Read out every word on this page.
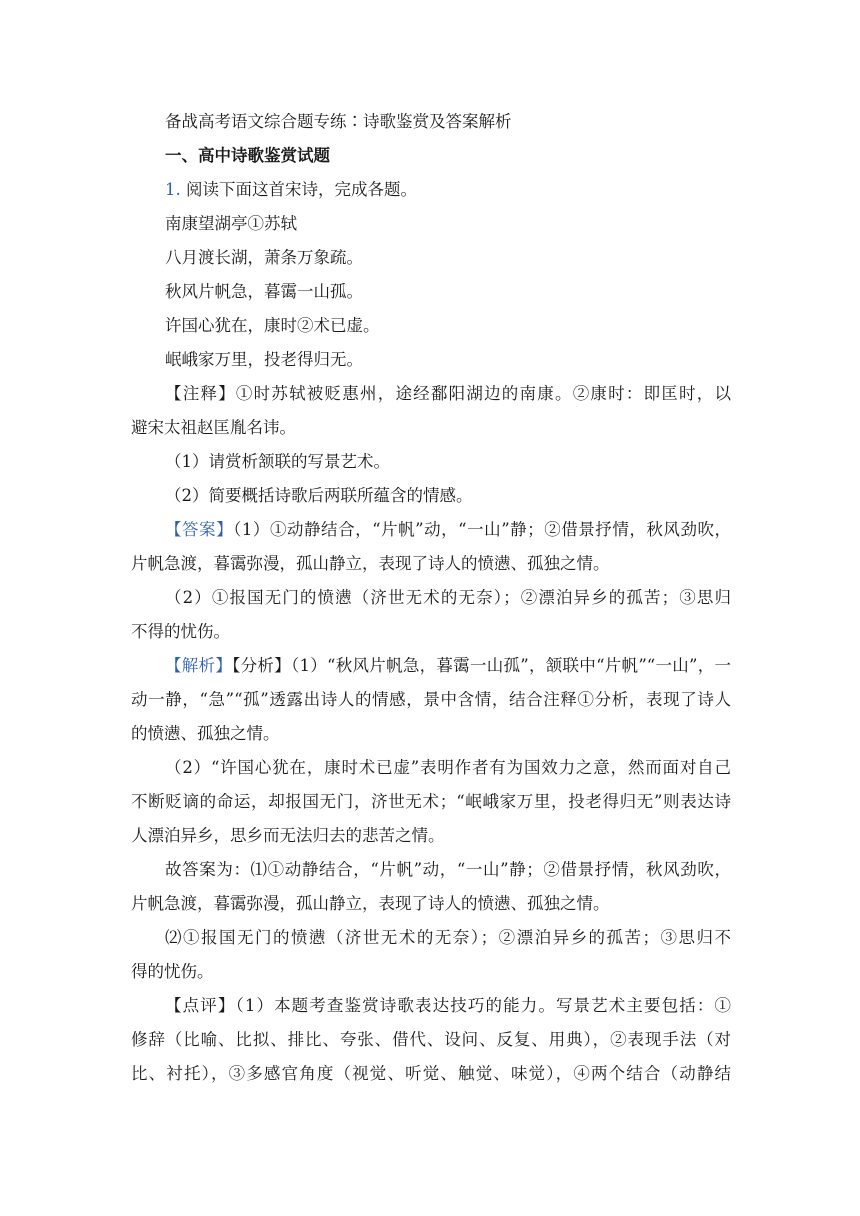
备战高考语文综合题专练∶诗歌鉴赏及答案解析
一、高中诗歌鉴赏试题
1. 阅读下面这首宋诗，完成各题。
南康望湖亭①苏轼
八月渡长湖，萧条万象疏。
秋风片帆急，暮霭一山孤。
许国心犹在，康时②术已虚。
岷峨家万里，投老得归无。
【注释】①时苏轼被贬惠州，途经鄱阳湖边的南康。②康时：即匡时，以
避宋太祖赵匡胤名讳。
（1）请赏析颔联的写景艺术。
（2）简要概括诗歌后两联所蕴含的情感。
【答案】（1）①动静结合，“片帆”动，“一山”静；②借景抒情，秋风劲吹，
片帆急渡，暮霭弥漫，孤山静立，表现了诗人的愤懑、孤独之情。
（2）①报国无门的愤懑（济世无术的无奈）；②漂泊异乡的孤苦；③思归
不得的忧伤。
【解析】【分析】（1）“秋风片帆急，暮霭一山孤”，颔联中“片帆”“一山”，一
动一静，“急”“孤”透露出诗人的情感，景中含情，结合注释①分析，表现了诗人
的愤懑、孤独之情。
（2）“许国心犹在，康时术已虚”表明作者有为国效力之意，然而面对自己
不断贬谪的命运，却报国无门，济世无术；“岷峨家万里，投老得归无”则表达诗
人漂泊异乡，思乡而无法归去的悲苦之情。
故答案为：⑴①动静结合，“片帆”动，“一山”静；②借景抒情，秋风劲吹，
片帆急渡，暮霭弥漫，孤山静立，表现了诗人的愤懑、孤独之情。
⑵①报国无门的愤懑（济世无术的无奈）；②漂泊异乡的孤苦；③思归不
得的忧伤。
【点评】（1）本题考查鉴赏诗歌表达技巧的能力。写景艺术主要包括：①
修辞（比喻、比拟、排比、夸张、借代、设问、反复、用典），②表现手法（对
比、衬托），③多感官角度（视觉、听觉、触觉、味觉），④两个结合（动静结
